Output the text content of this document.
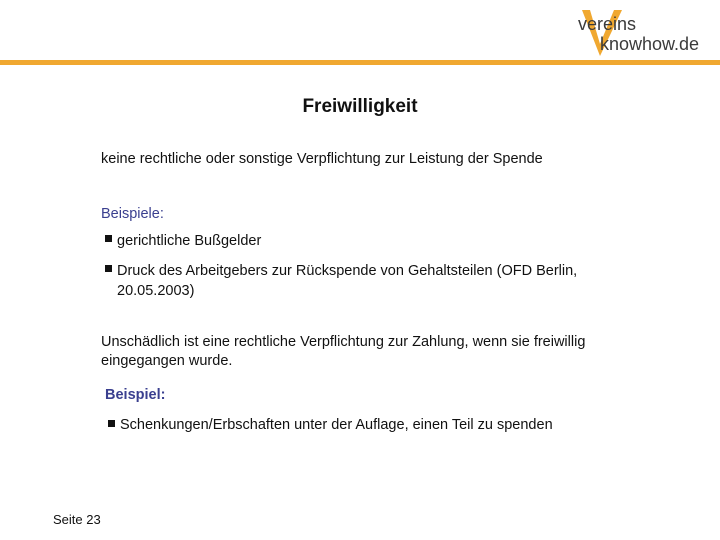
vereins
knowhow.de
Freiwilligkeit
keine rechtliche oder sonstige Verpflichtung zur Leistung der Spende
Beispiele:
gerichtliche Bußgelder
Druck des Arbeitgebers zur Rückspende von Gehaltsteilen (OFD Berlin,
20.05.2003)
Unschädlich ist eine rechtliche Verpflichtung zur Zahlung, wenn sie freiwillig
eingegangen wurde.
Beispiel:
Schenkungen/Erbschaften unter der Auflage, einen Teil zu spenden
Seite 23
